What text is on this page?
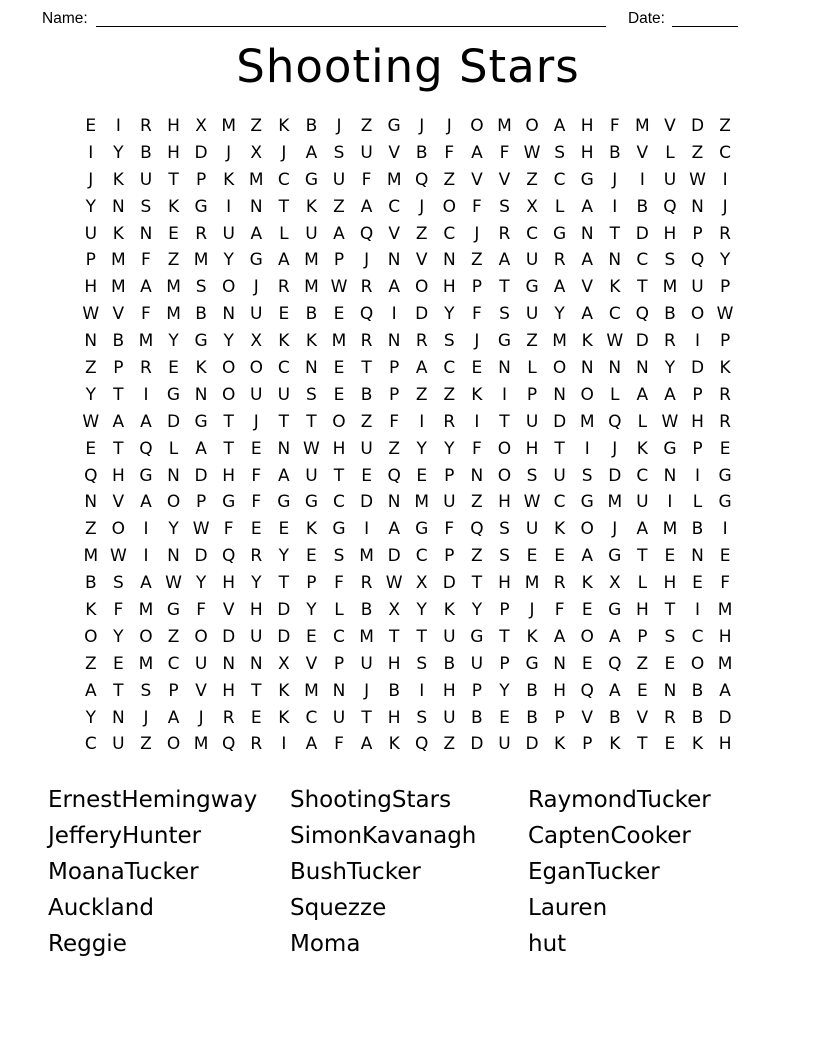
Name:	Date:
Shooting Stars
E	I	R H X M Z K B	J	Z G	J	J	O M O A H F M V D Z
I	Y B H D	J	X	J	A S U V B F A F W S H B V	L	Z C
J	K U T	P K M C G U F M Q Z V V Z C G	J	I	U W I
Y N S K G	I	N T K Z A C	J	O F	S X	L	A	I	B Q N	J
U K N E R U A	L U A Q V Z C	J	R C G N T D H P R
P M F Z M Y G A M P	J	N V N Z A U R A N C S Q Y
H M A M S O	J	R M W R A O H P	T G A V K T M U P
W V F M B N U E B E Q	I	D Y	F	S U Y A C Q B O W
N B M Y G Y X K K M R N R S	J	G Z M K W D R	I	P
Z P R E K O O C N E	T	P A C E N L O N N N Y D K
Y	T	I	G N O U U S E B P Z Z K	I	P N O L	A A P R
W A A D G T	J	T	T O Z F	I	R	I	T U D M Q L W H R
E	T Q L	A T	E N W H U Z Y	Y	F O H T	I	J	K G P	E
Q H G N D H F A U T	E Q E	P N O S U S D C N	I	G
N V A O P G F G G C D N M U Z H W C G M U	I	L G
Z O	I	Y W F	E E K G	I	A G F Q S U K O	J	A M B	I
M W I	N D Q R Y	E S M D C P Z S E E A G T	E N E
B S A W Y H Y	T	P	F R W X D T H M R K X	L H E	F
K	F M G F V H D Y	L	B X Y K Y	P	J	F	E G H T	I	M
O Y O Z O D U D E C M T	T U G T K A O A P	S C H
Z E M C U N N X V P U H S B U P G N E Q Z E O M
A T S	P V H T K M N	J	B	I	H P	Y B H Q A E N B A
Y N	J	A	J	R E K C U T H S U B E B P V B V R B D
C U Z O M Q R	I	A F A K Q Z D U D K P K T	E K H
ErnestHemingway
JefferyHunter
MoanaTucker
Auckland
Reggie
ShootingStars
SimonKavanagh
BushTucker
Squezze
Moma
RaymondTucker
CaptenCooker
EganTucker
Lauren
hut
